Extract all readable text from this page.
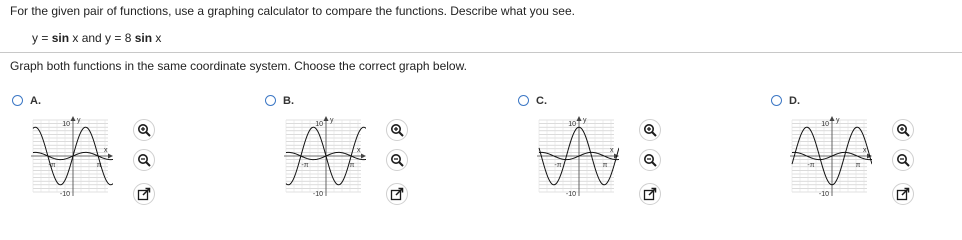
For the given pair of functions, use a graphing calculator to compare the functions. Describe what you see.
y = sin x and y = 8 sin x
Graph both functions in the same coordinate system. Choose the correct graph below.
A.
y
x
10
-10
-π	π
B.
y
x
10
-10
-π	π
C.
y
x
10
-10
-π	π
D.
y
x
10
-10
-π	π
